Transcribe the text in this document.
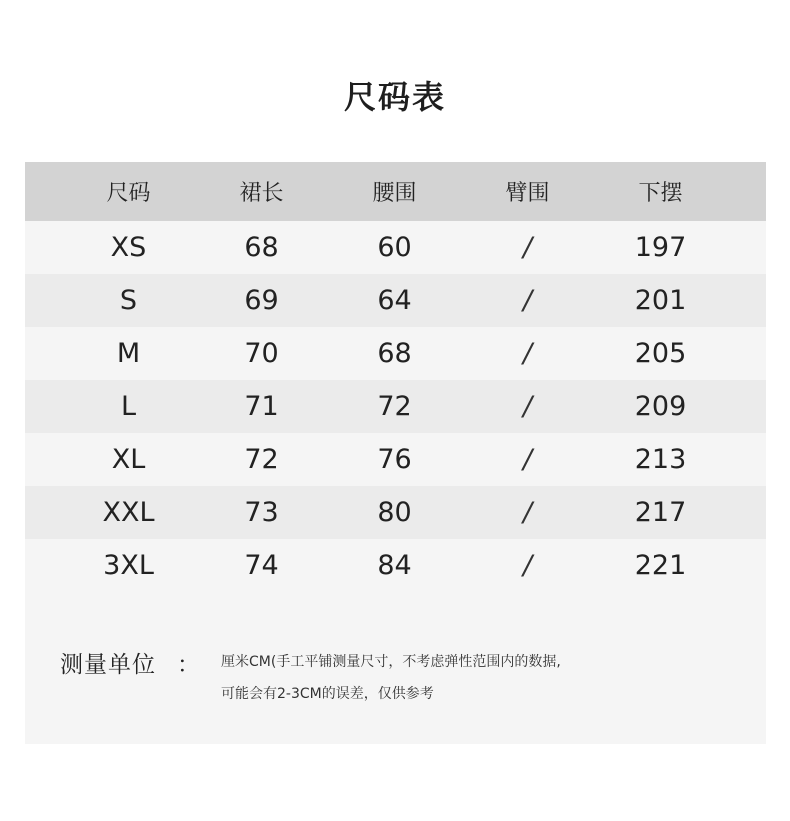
尺码表
尺码	裙长	腰围	臂围	下摆
XS	68	60	/	197
S	69	64	/	201
M	70	68	/	205
L	71	72	/	209
XL	72	76	/	213
XXL	73	80	/	217
3XL	74	84	/	221
测量单位 ： 厘米CM(手工平铺测量尺寸，不考虑弹性范围内的数据,
可能会有2-3CM的误差，仅供参考
